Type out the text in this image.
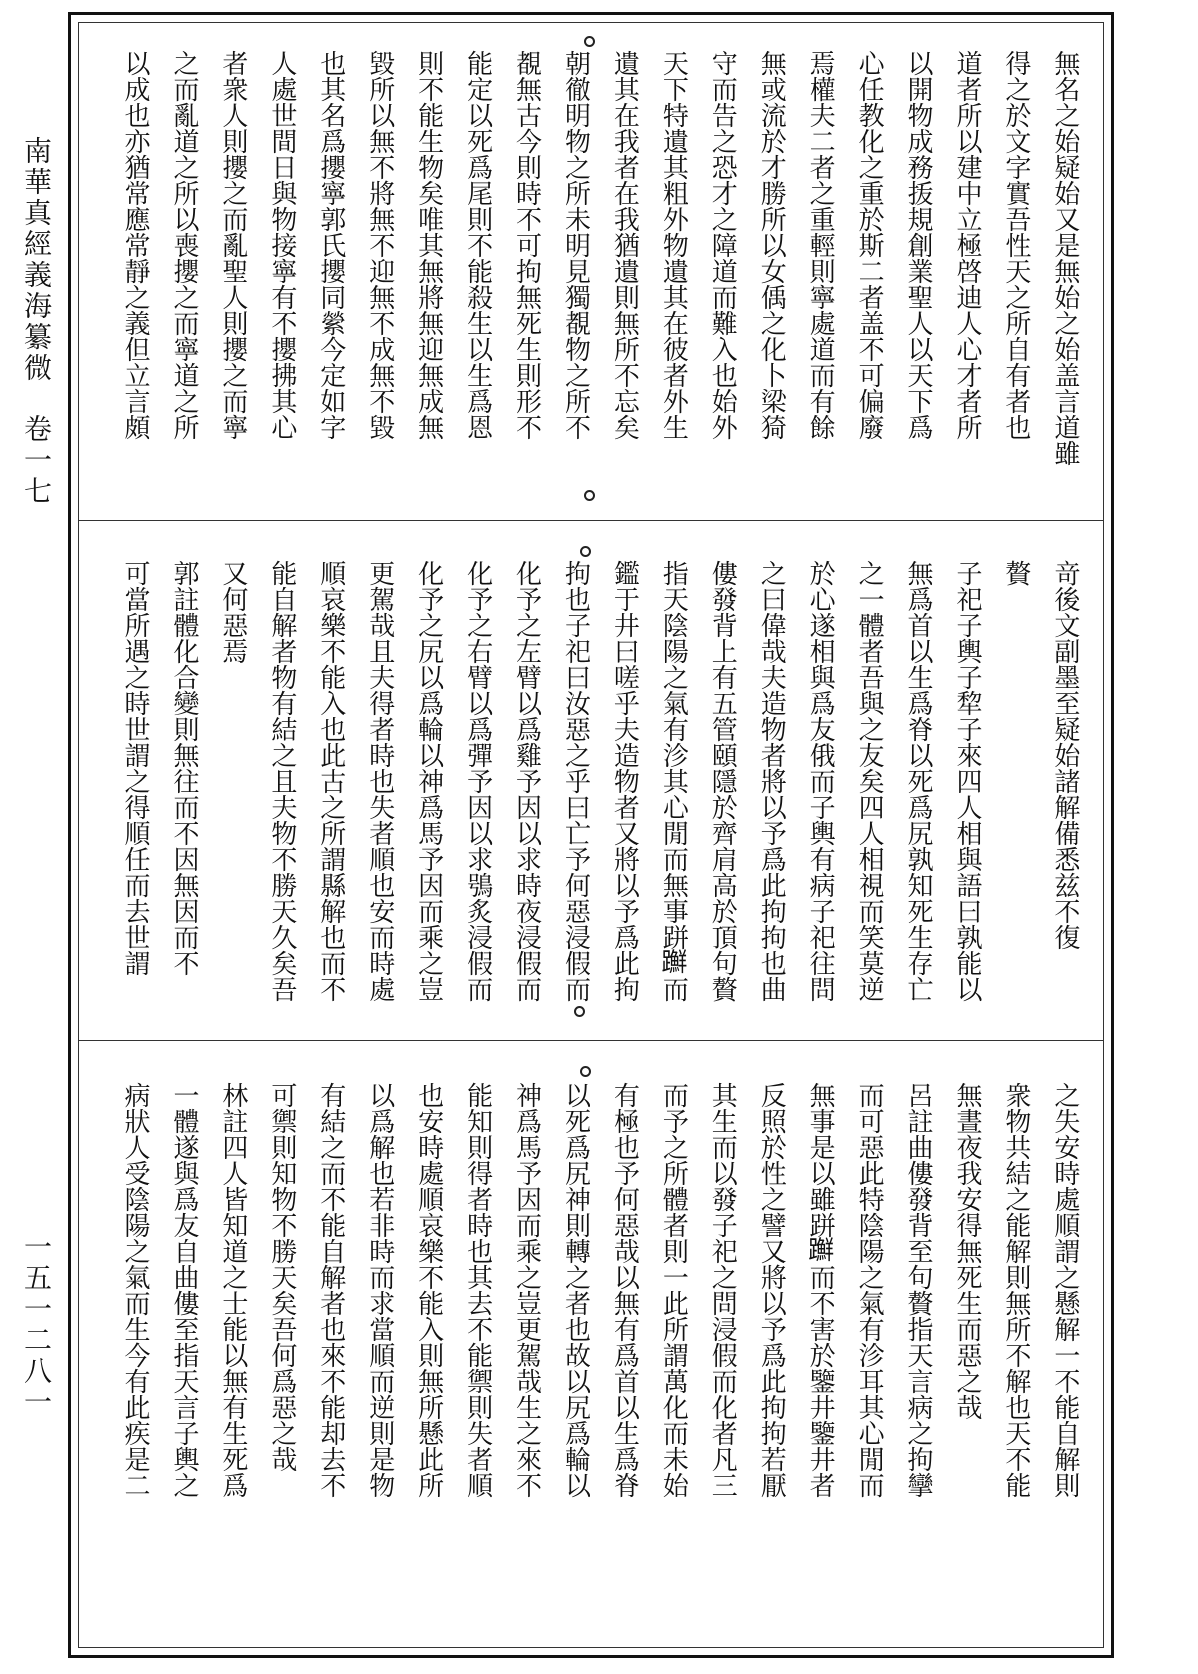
南華真經義海纂微
卷一七
一五一二八一
無名之始疑始又是無始之始盖言道雖
得之於文字實吾性天之所自有者也
道者所以建中立極啓迪人心才者所
以開物成務㧞規創業聖人以天下爲
心任教化之重於斯二者盖不可偏廢
焉權夫二者之重輕則寧處道而有餘
無或流於才勝所以女偊之化卜梁猗
守而告之恐才之障道而難入也始外
天下特遺其粗外物遺其在彼者外生
遺其在我者在我猶遺則無所不忘矣
朝徹明物之所未明見獨覩物之所不
覩無古今則時不可拘無死生則形不
能定以死爲尾則不能殺生以生爲恩
則不能生物矣唯其無將無迎無成無
毀所以無不將無不迎無不成無不毀
也其名爲攖寧郭氏攖同縈今定如字
人處世間日與物接寧有不攖拂其心
者衆人則攖之而亂聖人則攖之而寧
之而亂道之所以喪攖之而寧道之所
以成也亦猶常應常靜之義但立言頗
竒後文副墨至疑始諸解備悉兹不復
贅
子祀子輿子犂子來四人相與語曰孰能以
無爲首以生爲脊以死爲尻孰知死生存亡
之一體者吾與之友矣四人相視而笑莫逆
於心遂相與爲友俄而子輿有病子祀往問
之曰偉哉夫造物者將以予爲此拘拘也曲
僂發背上有五管頤隱於齊肩高於頂句贅
指天陰陽之氣有沴其心閒而無事跰𨇤而
鑑于井曰嗟乎夫造物者又將以予爲此拘
拘也子祀曰汝惡之乎曰亡予何惡浸假而
化予之左臂以爲雞予因以求時夜浸假而
化予之右臂以爲彈予因以求鴞炙浸假而
化予之尻以爲輪以神爲馬予因而乘之豈
更駕哉且夫得者時也失者順也安而時處
順哀樂不能入也此古之所謂縣解也而不
能自解者物有結之且夫物不勝天久矣吾
又何惡焉
郭註體化合變則無往而不因無因而不
可當所遇之時世謂之得順任而去世謂
之失安時處順謂之懸解一不能自解則
衆物共結之能解則無所不解也天不能
無晝夜我安得無死生而惡之哉
呂註曲僂發背至句贅指天言病之拘攣
而可惡此特陰陽之氣有沴耳其心閒而
無事是以雖跰𨇤而不害於鑒井鑒井者
反照於性之譬又將以予爲此拘拘若厭
其生而以發子祀之問浸假而化者凡三
而予之所體者則一此所謂萬化而未始
有極也予何惡哉以無有爲首以生爲脊
以死爲尻神則轉之者也故以尻爲輪以
神爲馬予因而乘之豈更駕哉生之來不
能知則得者時也其去不能禦則失者順
也安時處順哀樂不能入則無所懸此所
以爲解也若非時而求當順而逆則是物
有結之而不能自解者也來不能却去不
可禦則知物不勝天矣吾何爲惡之哉
林註四人皆知道之士能以無有生死爲
一體遂與爲友自曲僂至指天言子輿之
病狀人受陰陽之氣而生今有此疾是二
